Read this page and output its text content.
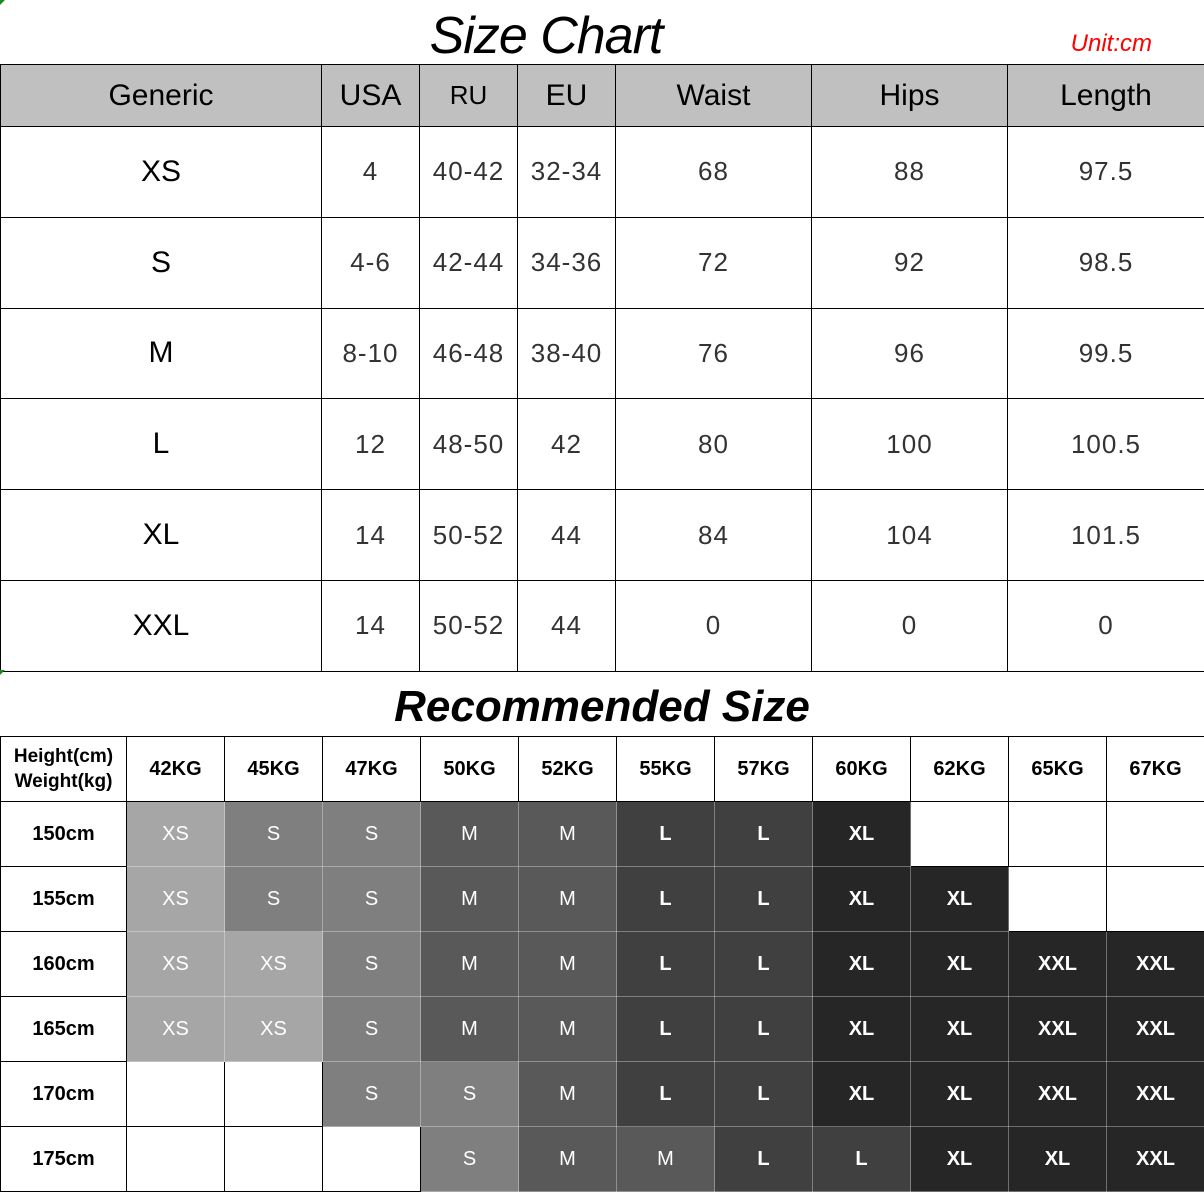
Size Chart	Unit:cm
Generic	USA	RU	EU	Waist	Hips	Length
XS	4	40-42	32-34	68	88	97.5
S	4-6	42-44	34-36	72	92	98.5
M	8-10	46-48	38-40	76	96	99.5
L	12	48-50	42	80	100	100.5
XL	14	50-52	44	84	104	101.5
XXL	14	50-52	44	0	0	0
Recommended Size
Height(cm)
Weight(kg)	42KG	45KG	47KG	50KG	52KG	55KG	57KG	60KG	62KG	65KG	67KG
150cm	XS	S	S	M	M	L	L	XL			
155cm	XS	S	S	M	M	L	L	XL	XL		
160cm	XS	XS	S	M	M	L	L	XL	XL	XXL	XXL
165cm	XS	XS	S	M	M	L	L	XL	XL	XXL	XXL
170cm			S	S	M	L	L	XL	XL	XXL	XXL
175cm				S	M	M	L	L	XL	XL	XXL
